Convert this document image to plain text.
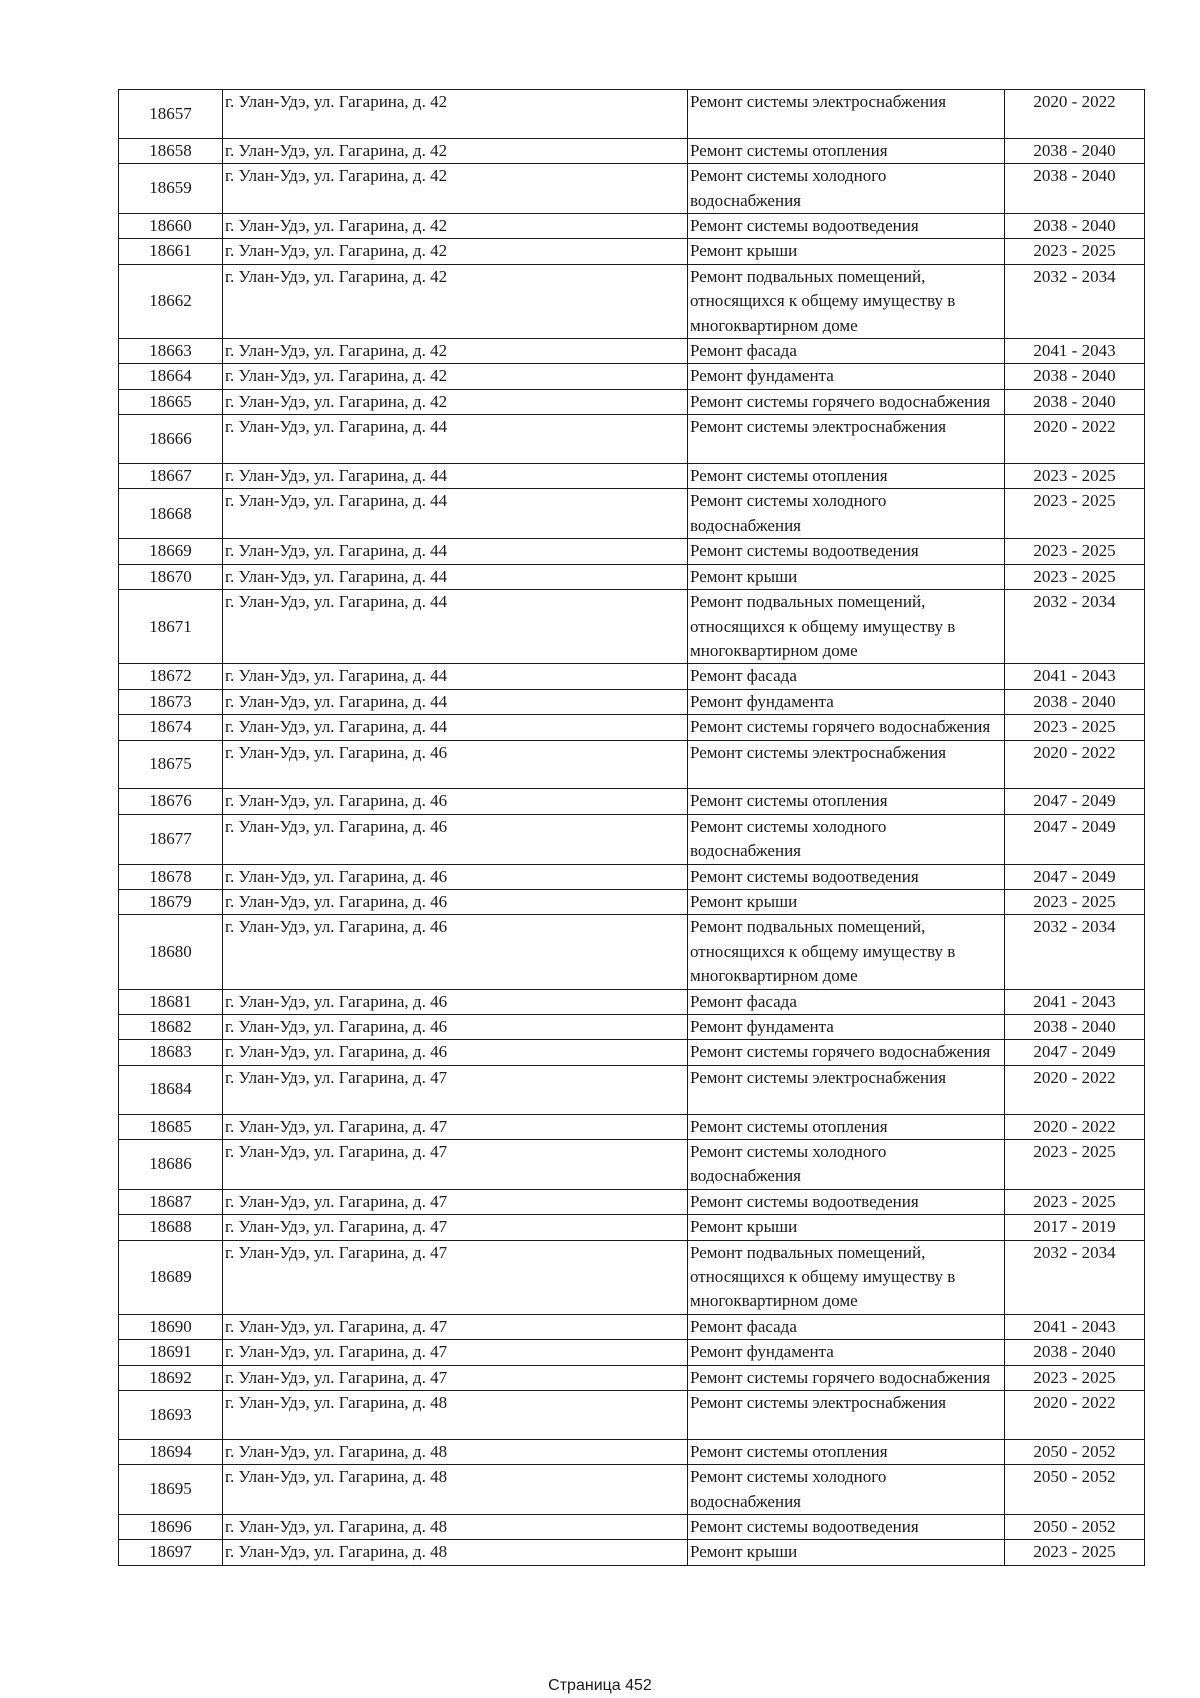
18657	г. Улан-Удэ, ул. Гагарина, д. 42	Ремонт системы электроснабжения	2020 - 2022
18658	г. Улан-Удэ, ул. Гагарина, д. 42	Ремонт системы отопления	2038 - 2040
18659	г. Улан-Удэ, ул. Гагарина, д. 42	Ремонт системы холодного водоснабжения	2038 - 2040
18660	г. Улан-Удэ, ул. Гагарина, д. 42	Ремонт системы водоотведения	2038 - 2040
18661	г. Улан-Удэ, ул. Гагарина, д. 42	Ремонт крыши	2023 - 2025
18662	г. Улан-Удэ, ул. Гагарина, д. 42	Ремонт подвальных помещений, относящихся к общему имуществу в многоквартирном доме	2032 - 2034
18663	г. Улан-Удэ, ул. Гагарина, д. 42	Ремонт фасада	2041 - 2043
18664	г. Улан-Удэ, ул. Гагарина, д. 42	Ремонт фундамента	2038 - 2040
18665	г. Улан-Удэ, ул. Гагарина, д. 42	Ремонт системы горячего водоснабжения	2038 - 2040
18666	г. Улан-Удэ, ул. Гагарина, д. 44	Ремонт системы электроснабжения	2020 - 2022
18667	г. Улан-Удэ, ул. Гагарина, д. 44	Ремонт системы отопления	2023 - 2025
18668	г. Улан-Удэ, ул. Гагарина, д. 44	Ремонт системы холодного водоснабжения	2023 - 2025
18669	г. Улан-Удэ, ул. Гагарина, д. 44	Ремонт системы водоотведения	2023 - 2025
18670	г. Улан-Удэ, ул. Гагарина, д. 44	Ремонт крыши	2023 - 2025
18671	г. Улан-Удэ, ул. Гагарина, д. 44	Ремонт подвальных помещений, относящихся к общему имуществу в многоквартирном доме	2032 - 2034
18672	г. Улан-Удэ, ул. Гагарина, д. 44	Ремонт фасада	2041 - 2043
18673	г. Улан-Удэ, ул. Гагарина, д. 44	Ремонт фундамента	2038 - 2040
18674	г. Улан-Удэ, ул. Гагарина, д. 44	Ремонт системы горячего водоснабжения	2023 - 2025
18675	г. Улан-Удэ, ул. Гагарина, д. 46	Ремонт системы электроснабжения	2020 - 2022
18676	г. Улан-Удэ, ул. Гагарина, д. 46	Ремонт системы отопления	2047 - 2049
18677	г. Улан-Удэ, ул. Гагарина, д. 46	Ремонт системы холодного водоснабжения	2047 - 2049
18678	г. Улан-Удэ, ул. Гагарина, д. 46	Ремонт системы водоотведения	2047 - 2049
18679	г. Улан-Удэ, ул. Гагарина, д. 46	Ремонт крыши	2023 - 2025
18680	г. Улан-Удэ, ул. Гагарина, д. 46	Ремонт подвальных помещений, относящихся к общему имуществу в многоквартирном доме	2032 - 2034
18681	г. Улан-Удэ, ул. Гагарина, д. 46	Ремонт фасада	2041 - 2043
18682	г. Улан-Удэ, ул. Гагарина, д. 46	Ремонт фундамента	2038 - 2040
18683	г. Улан-Удэ, ул. Гагарина, д. 46	Ремонт системы горячего водоснабжения	2047 - 2049
18684	г. Улан-Удэ, ул. Гагарина, д. 47	Ремонт системы электроснабжения	2020 - 2022
18685	г. Улан-Удэ, ул. Гагарина, д. 47	Ремонт системы отопления	2020 - 2022
18686	г. Улан-Удэ, ул. Гагарина, д. 47	Ремонт системы холодного водоснабжения	2023 - 2025
18687	г. Улан-Удэ, ул. Гагарина, д. 47	Ремонт системы водоотведения	2023 - 2025
18688	г. Улан-Удэ, ул. Гагарина, д. 47	Ремонт крыши	2017 - 2019
18689	г. Улан-Удэ, ул. Гагарина, д. 47	Ремонт подвальных помещений, относящихся к общему имуществу в многоквартирном доме	2032 - 2034
18690	г. Улан-Удэ, ул. Гагарина, д. 47	Ремонт фасада	2041 - 2043
18691	г. Улан-Удэ, ул. Гагарина, д. 47	Ремонт фундамента	2038 - 2040
18692	г. Улан-Удэ, ул. Гагарина, д. 47	Ремонт системы горячего водоснабжения	2023 - 2025
18693	г. Улан-Удэ, ул. Гагарина, д. 48	Ремонт системы электроснабжения	2020 - 2022
18694	г. Улан-Удэ, ул. Гагарина, д. 48	Ремонт системы отопления	2050 - 2052
18695	г. Улан-Удэ, ул. Гагарина, д. 48	Ремонт системы холодного водоснабжения	2050 - 2052
18696	г. Улан-Удэ, ул. Гагарина, д. 48	Ремонт системы водоотведения	2050 - 2052
18697	г. Улан-Удэ, ул. Гагарина, д. 48	Ремонт крыши	2023 - 2025
Страница 452
